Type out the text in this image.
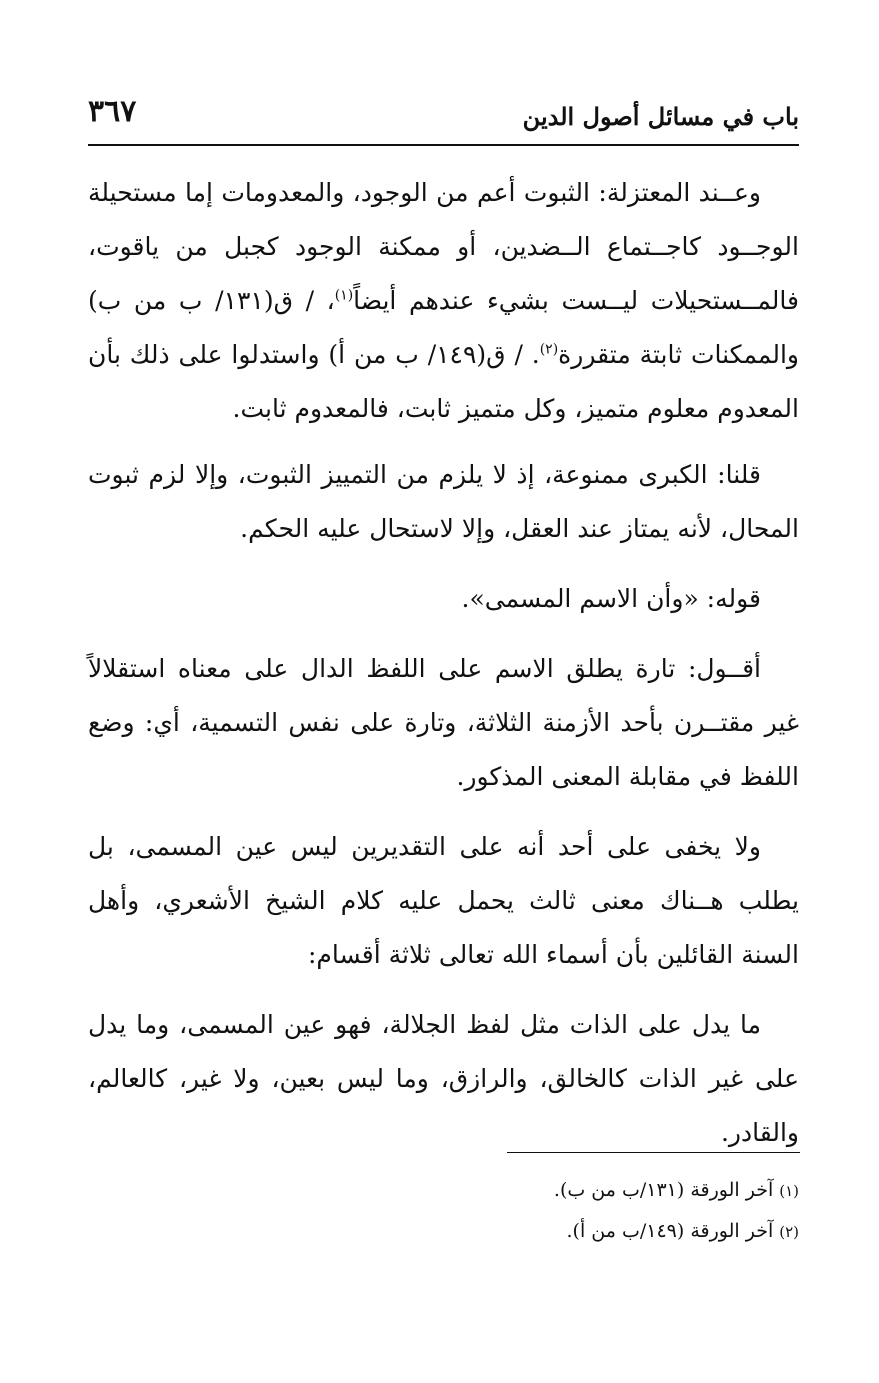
باب في مسائل أصول الدين
٣٦٧

وعــند المعتزلة: الثبوت أعم من الوجود، والمعدومات إما مستحيلة الوجــود كاجــتماع الــضدين، أو ممكنة الوجود كجبل من ياقوت، فالمــستحيلات ليــست بشيء عندهم أيضاً$^{(١)}$، / ق(١٣١/ ب من ب) والممكنات ثابتة متقررة$^{(٢)}$. / ق(١٤٩/ ب من أ) واستدلوا على ذلك بأن المعدوم معلوم متميز، وكل متميز ثابت، فالمعدوم ثابت.

قلنا: الكبرى ممنوعة، إذ لا يلزم من التمييز الثبوت، وإلا لزم ثبوت المحال، لأنه يمتاز عند العقل، وإلا لاستحال عليه الحكم.

قوله: «وأن الاسم المسمى».

أقــول: تارة يطلق الاسم على اللفظ الدال على معناه استقلالاً غير مقتــرن بأحد الأزمنة الثلاثة، وتارة على نفس التسمية، أي: وضع اللفظ في مقابلة المعنى المذكور.

ولا يخفى على أحد أنه على التقديرين ليس عين المسمى، بل يطلب هــناك معنى ثالث يحمل عليه كلام الشيخ الأشعري، وأهل السنة القائلين بأن أسماء الله تعالى ثلاثة أقسام:

ما يدل على الذات مثل لفظ الجلالة، فهو عين المسمى، وما يدل على غير الذات كالخالق، والرازق، وما ليس بعين، ولا غير، كالعالم، والقادر.

(١)آخر الورقة (١٣١/ب من ب).
(٢)آخر الورقة (١٤٩/ب من أ).
